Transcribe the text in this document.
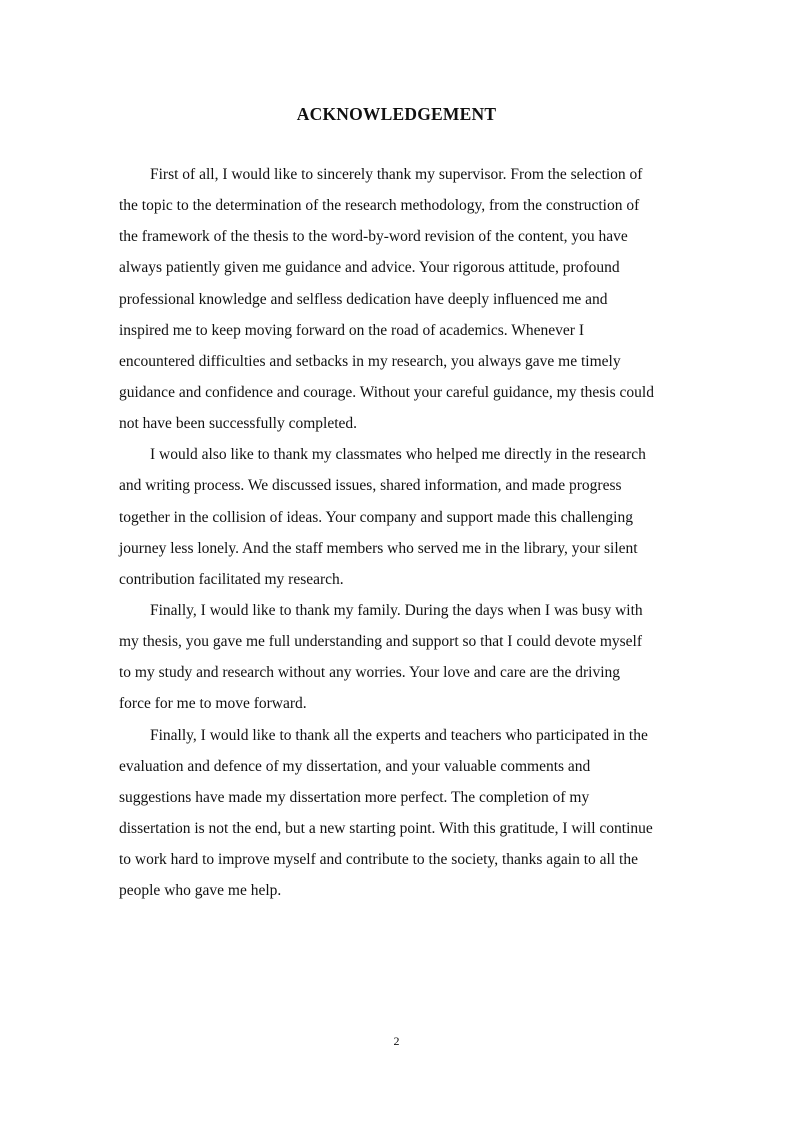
ACKNOWLEDGEMENT
First of all, I would like to sincerely thank my supervisor. From the selection of
the topic to the determination of the research methodology, from the construction of
the framework of the thesis to the word-by-word revision of the content, you have
always patiently given me guidance and advice. Your rigorous attitude, profound
professional knowledge and selfless dedication have deeply influenced me and
inspired me to keep moving forward on the road of academics. Whenever I
encountered difficulties and setbacks in my research, you always gave me timely
guidance and confidence and courage. Without your careful guidance, my thesis could
not have been successfully completed.
I would also like to thank my classmates who helped me directly in the research
and writing process. We discussed issues, shared information, and made progress
together in the collision of ideas. Your company and support made this challenging
journey less lonely. And the staff members who served me in the library, your silent
contribution facilitated my research.
Finally, I would like to thank my family. During the days when I was busy with
my thesis, you gave me full understanding and support so that I could devote myself
to my study and research without any worries. Your love and care are the driving
force for me to move forward.
Finally, I would like to thank all the experts and teachers who participated in the
evaluation and defence of my dissertation, and your valuable comments and
suggestions have made my dissertation more perfect. The completion of my
dissertation is not the end, but a new starting point. With this gratitude, I will continue
to work hard to improve myself and contribute to the society, thanks again to all the
people who gave me help.
2
